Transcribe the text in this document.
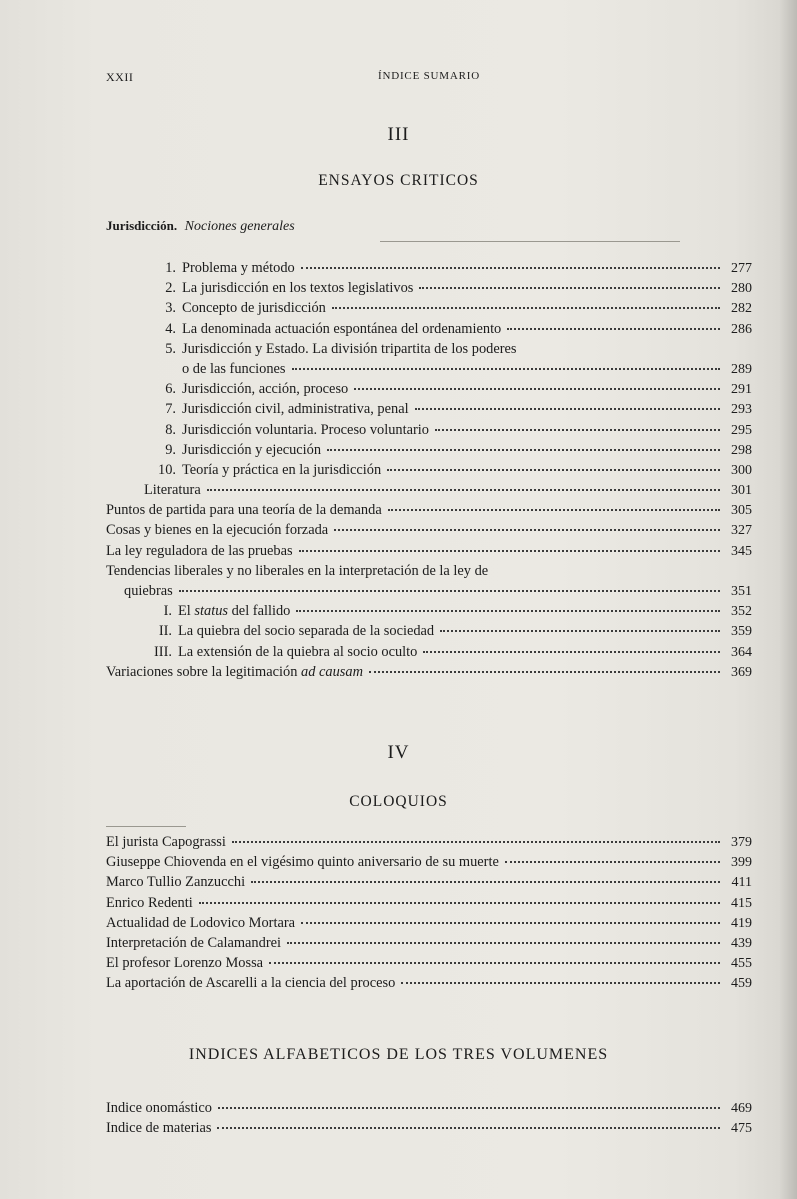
XXII	ÍNDICE SUMARIO
III
ENSAYOS CRITICOS
Jurisdicción. Nociones generales
1. Problema y método	277
2. La jurisdicción en los textos legislativos	280
3. Concepto de jurisdicción	282
4. La denominada actuación espontánea del ordenamiento	286
5. Jurisdicción y Estado. La división tripartita de los poderes
o de las funciones	289
6. Jurisdicción, acción, proceso	291
7. Jurisdicción civil, administrativa, penal	293
8. Jurisdicción voluntaria. Proceso voluntario	295
9. Jurisdicción y ejecución	298
10. Teoría y práctica en la jurisdicción	300
Literatura	301
Puntos de partida para una teoría de la demanda	305
Cosas y bienes en la ejecución forzada	327
La ley reguladora de las pruebas	345
Tendencias liberales y no liberales en la interpretación de la ley de
quiebras	351
I. El status del fallido	352
II. La quiebra del socio separada de la sociedad	359
III. La extensión de la quiebra al socio oculto	364
Variaciones sobre la legitimación ad causam	369
IV
COLOQUIOS
El jurista Capograssi	379
Giuseppe Chiovenda en el vigésimo quinto aniversario de su muerte	399
Marco Tullio Zanzucchi	411
Enrico Redenti	415
Actualidad de Lodovico Mortara	419
Interpretación de Calamandrei	439
El profesor Lorenzo Mossa	455
La aportación de Ascarelli a la ciencia del proceso	459
INDICES ALFABETICOS DE LOS TRES VOLUMENES
Indice onomástico	469
Indice de materias	475
